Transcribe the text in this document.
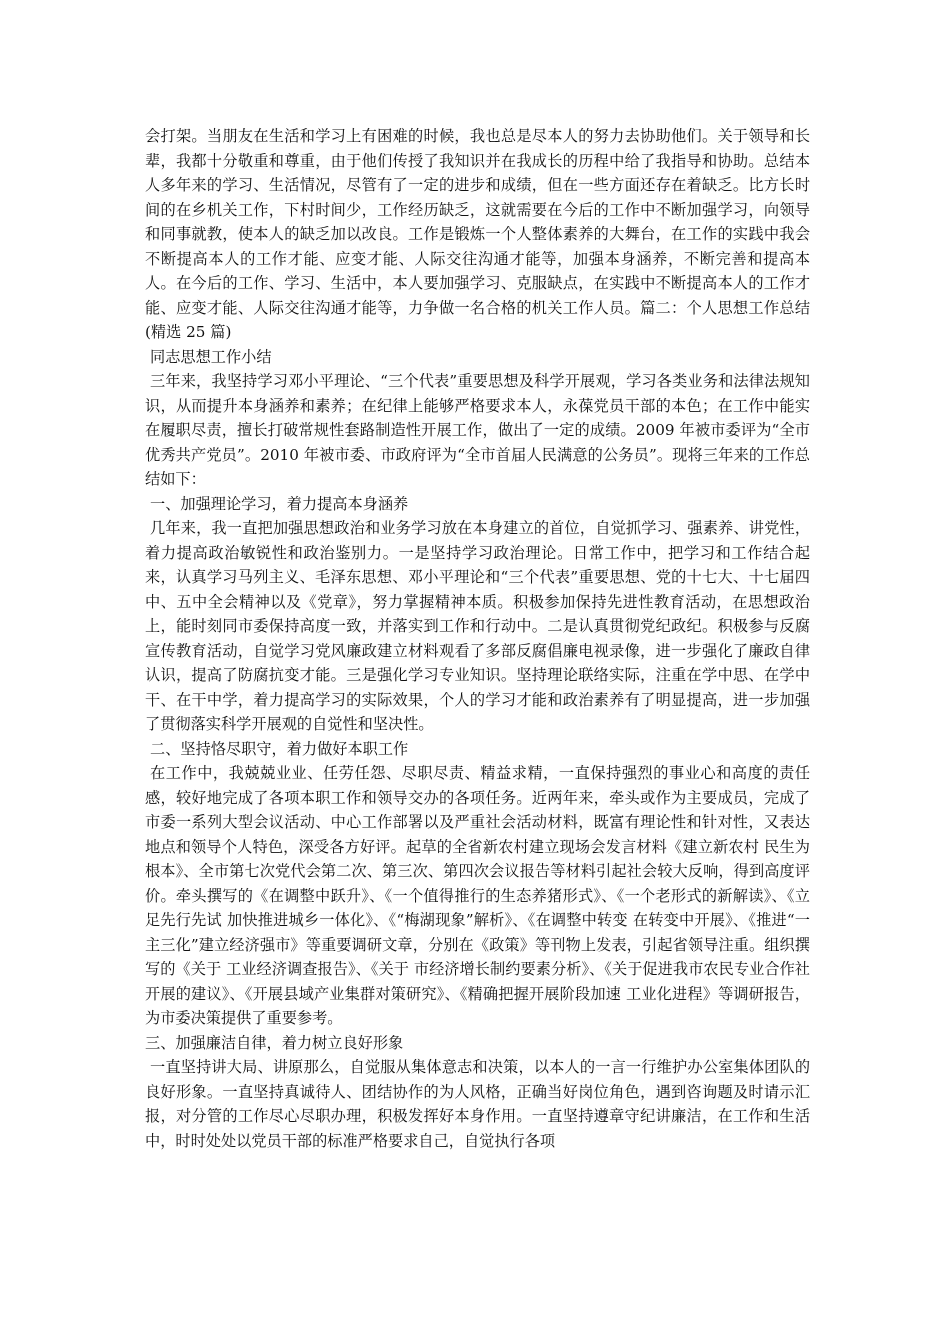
会打架。当朋友在生活和学习上有困难的时候，我也总是尽本人的努力去协助他们。关于领导和长辈，我都十分敬重和尊重，由于他们传授了我知识并在我成长的历程中给了我指导和协助。总结本人多年来的学习、生活情况，尽管有了一定的进步和成绩，但在一些方面还存在着缺乏。比方长时间的在乡机关工作，下村时间少，工作经历缺乏，这就需要在今后的工作中不断加强学习，向领导和同事就教，使本人的缺乏加以改良。工作是锻炼一个人整体素养的大舞台，在工作的实践中我会不断提高本人的工作才能、应变才能、人际交往沟通才能等，加强本身涵养，不断完善和提高本人。在今后的工作、学习、生活中，本人要加强学习、克服缺点，在实践中不断提高本人的工作才能、应变才能、人际交往沟通才能等，力争做一名合格的机关工作人员。篇二：个人思想工作总结(精选 25 篇)

同志思想工作小结

三年来，我坚持学习邓小平理论、“三个代表”重要思想及科学开展观，学习各类业务和法律法规知识，从而提升本身涵养和素养；在纪律上能够严格要求本人，永葆党员干部的本色；在工作中能实在履职尽责，擅长打破常规性套路制造性开展工作，做出了一定的成绩。2009 年被市委评为“全市优秀共产党员”。2010 年被市委、市政府评为“全市首届人民满意的公务员”。现将三年来的工作总结如下：

一、加强理论学习，着力提高本身涵养

几年来，我一直把加强思想政治和业务学习放在本身建立的首位，自觉抓学习、强素养、讲党性，着力提高政治敏锐性和政治鉴别力。一是坚持学习政治理论。日常工作中，把学习和工作结合起来，认真学习马列主义、毛泽东思想、邓小平理论和“三个代表”重要思想、党的十七大、十七届四中、五中全会精神以及《党章》，努力掌握精神本质。积极参加保持先进性教育活动，在思想政治上，能时刻同市委保持高度一致，并落实到工作和行动中。二是认真贯彻党纪政纪。积极参与反腐宣传教育活动，自觉学习党风廉政建立材料观看了多部反腐倡廉电视录像，进一步强化了廉政自律认识，提高了防腐抗变才能。三是强化学习专业知识。坚持理论联络实际，注重在学中思、在学中干、在干中学，着力提高学习的实际效果，个人的学习才能和政治素养有了明显提高，进一步加强了贯彻落实科学开展观的自觉性和坚决性。

二、坚持恪尽职守，着力做好本职工作

在工作中，我兢兢业业、任劳任怨、尽职尽责、精益求精，一直保持强烈的事业心和高度的责任感，较好地完成了各项本职工作和领导交办的各项任务。近两年来，牵头或作为主要成员，完成了市委一系列大型会议活动、中心工作部署以及严重社会活动材料，既富有理论性和针对性，又表达地点和领导个人特色，深受各方好评。起草的全省新农村建立现场会发言材料《建立新农村 民生为根本》、全市第七次党代会第二次、第三次、第四次会议报告等材料引起社会较大反响，得到高度评价。牵头撰写的《在调整中跃升》、《一个值得推行的生态养猪形式》、《一个老形式的新解读》、《立足先行先试 加快推进城乡一体化》、《“梅湖现象”解析》、《在调整中转变 在转变中开展》、《推进“一主三化”建立经济强市》等重要调研文章，分别在《政策》等刊物上发表，引起省领导注重。组织撰写的《关于 工业经济调查报告》、《关于 市经济增长制约要素分析》、《关于促进我市农民专业合作社开展的建议》、《开展县域产业集群对策研究》、《精确把握开展阶段加速 工业化进程》等调研报告，为市委决策提供了重要参考。

三、加强廉洁自律，着力树立良好形象

一直坚持讲大局、讲原那么，自觉服从集体意志和决策，以本人的一言一行维护办公室集体团队的良好形象。一直坚持真诚待人、团结协作的为人风格，正确当好岗位角色，遇到咨询题及时请示汇报，对分管的工作尽心尽职办理，积极发挥好本身作用。一直坚持遵章守纪讲廉洁，在工作和生活中，时时处处以党员干部的标准严格要求自己，自觉执行各项
